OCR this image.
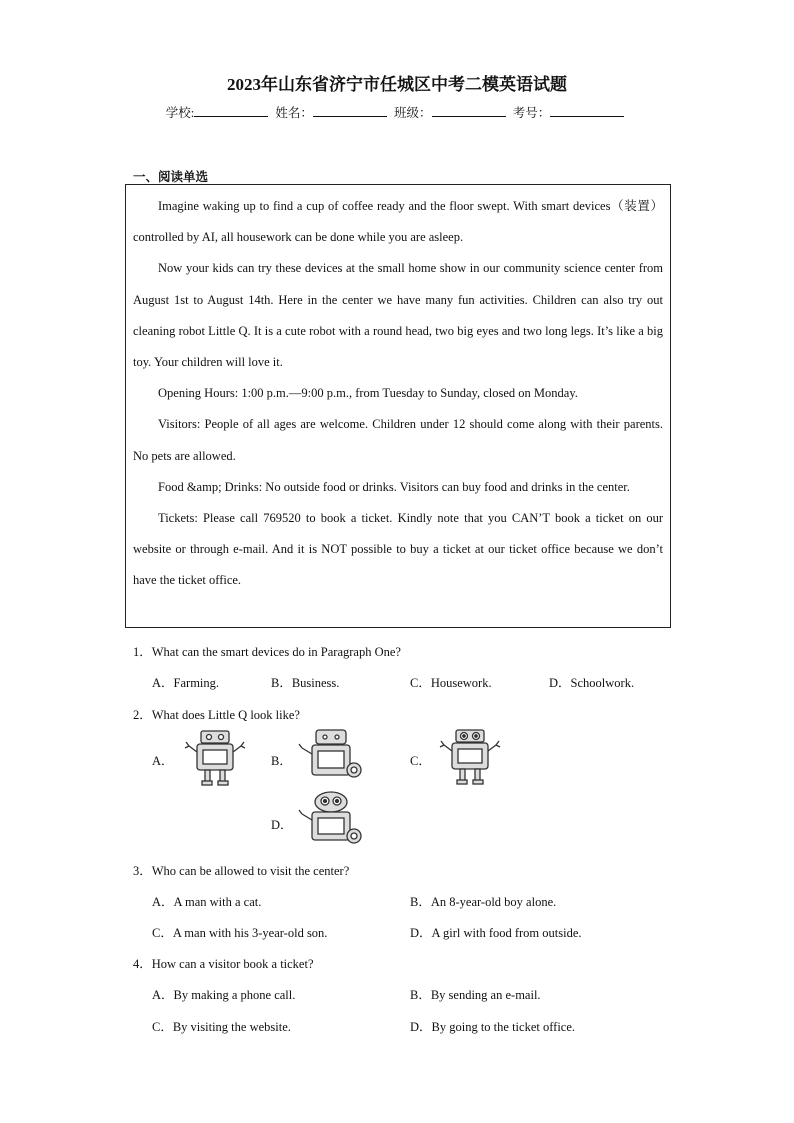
2023年山东省济宁市任城区中考二模英语试题
学校:	姓名：	班级：	考号：
一、阅读单选

Imagine waking up to find a cup of coffee ready and the floor swept. With smart devices（装置）controlled by AI, all housework can be done while you are asleep.

Now your kids can try these devices at the small home show in our community science center from August 1st to August 14th. Here in the center we have many fun activities. Children can also try out cleaning robot Little Q. It is a cute robot with a round head, two big eyes and two long legs. It’s like a big toy. Your children will love it.

Opening Hours: 1:00 p.m.—9:00 p.m., from Tuesday to Sunday, closed on Monday.

Visitors: People of all ages are welcome. Children under 12 should come along with their parents. No pets are allowed.

Food &amp; Drinks: No outside food or drinks. Visitors can buy food and drinks in the center.

Tickets: Please call 769520 to book a ticket. Kindly note that you CAN’T book a ticket on our website or through e-mail. And it is NOT possible to buy a ticket at our ticket office because we don’t have the ticket office.

1．What can the smart devices do in Paragraph One?
A．Farming.	B．Business.	C．Housework.	D．Schoolwork.
2．What does Little Q look like?
A．	B．	C．
D．
3．Who can be allowed to visit the center?
A．A man with a cat.	B．An 8-year-old boy alone.
C．A man with his 3-year-old son.	D．A girl with food from outside.
4．How can a visitor book a ticket?
A．By making a phone call.	B．By sending an e-mail.
C．By visiting the website.	D．By going to the ticket office.
